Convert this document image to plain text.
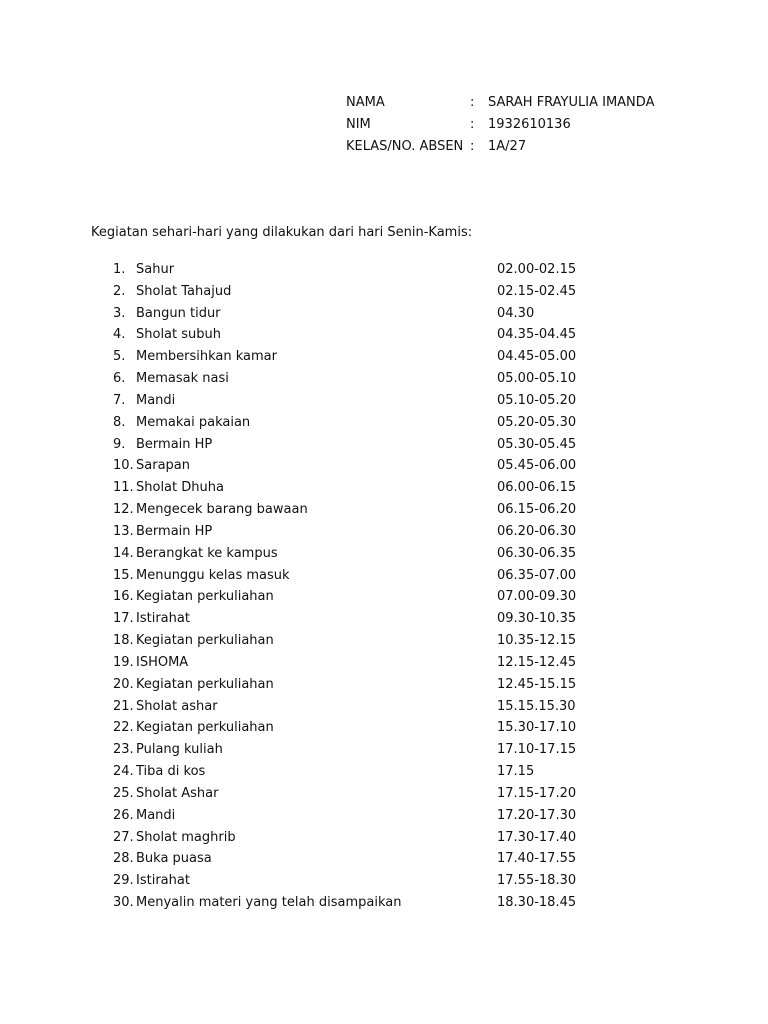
NAMA	: SARAH FRAYULIA IMANDA
NIM	: 1932610136
KELAS/NO. ABSEN : 1A/27
Kegiatan sehari-hari yang dilakukan dari hari Senin-Kamis:
1. Sahur	02.00-02.15
2. Sholat Tahajud	02.15-02.45
3. Bangun tidur	04.30
4. Sholat subuh	04.35-04.45
5. Membersihkan kamar	04.45-05.00
6. Memasak nasi	05.00-05.10
7. Mandi	05.10-05.20
8. Memakai pakaian	05.20-05.30
9. Bermain HP	05.30-05.45
10. Sarapan	05.45-06.00
11. Sholat Dhuha	06.00-06.15
12. Mengecek barang bawaan	06.15-06.20
13. Bermain HP	06.20-06.30
14. Berangkat ke kampus	06.30-06.35
15. Menunggu kelas masuk	06.35-07.00
16. Kegiatan perkuliahan	07.00-09.30
17. Istirahat	09.30-10.35
18. Kegiatan perkuliahan	10.35-12.15
19. ISHOMA	12.15-12.45
20. Kegiatan perkuliahan	12.45-15.15
21. Sholat ashar	15.15.15.30
22. Kegiatan perkuliahan	15.30-17.10
23. Pulang kuliah	17.10-17.15
24. Tiba di kos	17.15
25. Sholat Ashar	17.15-17.20
26. Mandi	17.20-17.30
27. Sholat maghrib	17.30-17.40
28. Buka puasa	17.40-17.55
29. Istirahat	17.55-18.30
30. Menyalin materi yang telah disampaikan	18.30-18.45
